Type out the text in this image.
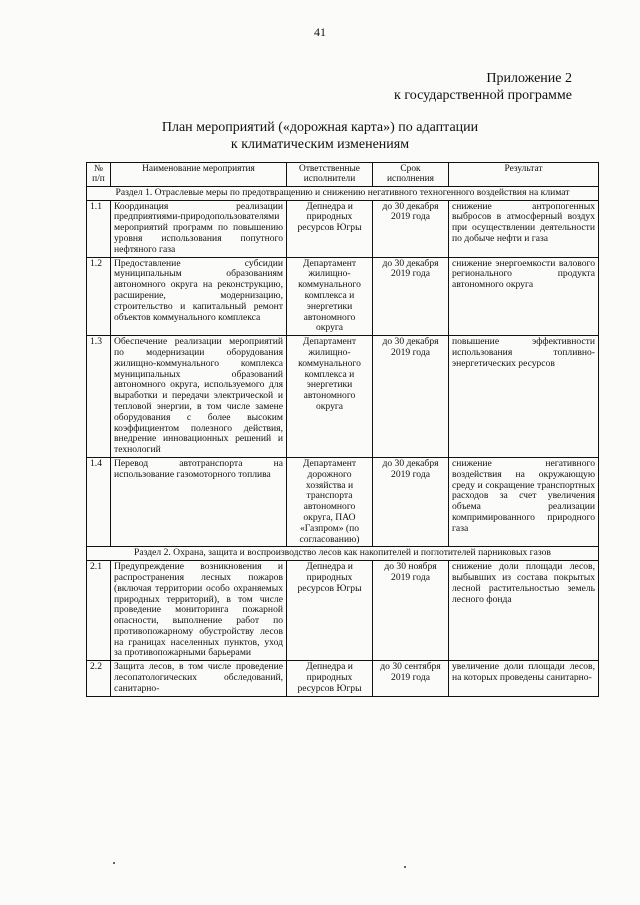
41
Приложение 2
к государственной программе
План мероприятий («дорожная карта») по адаптации
к климатическим изменениям
№ п/п	Наименование мероприятия	Ответственные исполнители	Срок исполнения	Результат
Раздел 1. Отраслевые меры по предотвращению и снижению негативного техногенного воздействия на климат				
1.1	Координация реализации предприятиями-природопользователями мероприятий программ по повышению уровня использования попутного нефтяного газа	Депнедра и природных ресурсов Югры	до 30 декабря 2019 года	снижение антропогенных выбросов в атмосферный воздух при осуществлении деятельности по добыче нефти и газа
1.2	Предоставление субсидии муниципальным образованиям автономного округа на реконструкцию, расширение, модернизацию, строительство и капитальный ремонт объектов коммунального комплекса	Департамент жилищно-коммунального комплекса и энергетики автономного округа	до 30 декабря 2019 года	снижение энергоемкости валового регионального продукта автономного округа
1.3	Обеспечение реализации мероприятий по модернизации оборудования жилищно-коммунального комплекса муниципальных образований автономного округа, используемого для выработки и передачи электрической и тепловой энергии, в том числе замене оборудования с более высоким коэффициентом полезного действия, внедрение инновационных решений и технологий	Департамент жилищно-коммунального комплекса и энергетики автономного округа	до 30 декабря 2019 года	повышение эффективности использования топливно-энергетических ресурсов
1.4	Перевод автотранспорта на использование газомоторного топлива	Департамент дорожного хозяйства и транспорта автономного округа, ПАО «Газпром» (по согласованию)	до 30 декабря 2019 года	снижение негативного воздействия на окружающую среду и сокращение транспортных расходов за счет увеличения объема реализации компримированного природного газа
Раздел 2. Охрана, защита и воспроизводство лесов как накопителей и поглотителей парниковых газов				
2.1	Предупреждение возникновения и распространения лесных пожаров (включая территории особо охраняемых природных территорий), в том числе проведение мониторинга пожарной опасности, выполнение работ по противопожарному обустройству лесов на границах населенных пунктов, уход за противопожарными барьерами	Депнедра и природных ресурсов Югры	до 30 ноября 2019 года	снижение доли площади лесов, выбывших из состава покрытых лесной растительностью земель лесного фонда
2.2	Защита лесов, в том числе проведение лесопатологических обследований, санитарно-	Депнедра и природных ресурсов Югры	до 30 сентября 2019 года	увеличение доли площади лесов, на которых проведены санитарно-
